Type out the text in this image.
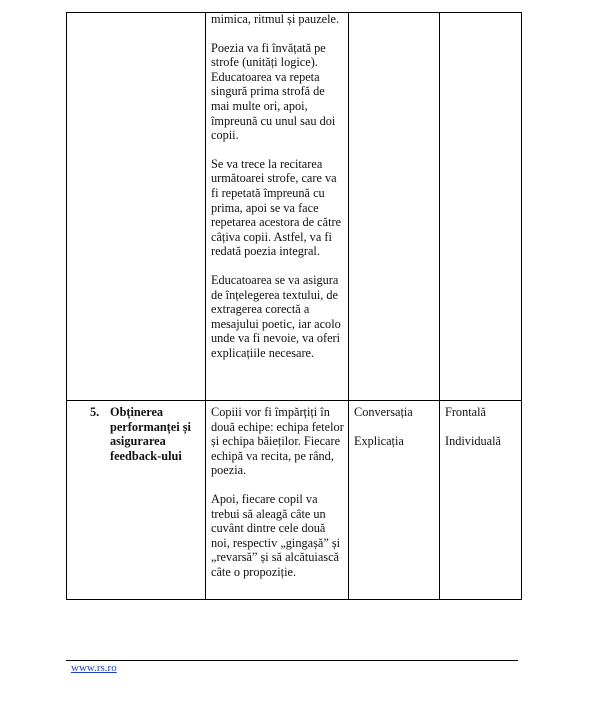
mimica, ritmul și pauzele.

Poezia va fi învățată pe strofe (unități logice). Educatoarea va repeta singură prima strofă de mai multe ori, apoi, împreună cu unul sau doi copii.

Se va trece la recitarea următoarei strofe, care va fi repetată împreună cu prima, apoi se va face repetarea acestora de către câțiva copii. Astfel, va fi redată poezia integral.

Educatoarea se va asigura de înțelegerea textului, de extragerea corectă a mesajului poetic, iar acolo unde va fi nevoie, va oferi explicațiile necesare.

5. Obținerea performanței și asigurarea feedback-ului

Copiii vor fi împărțiți în două echipe: echipa fetelor și echipa băieților. Fiecare echipă va recita, pe rând, poezia.

Apoi, fiecare copil va trebui să aleagă câte un cuvânt dintre cele două noi, respectiv „gingașă” și „revarsă” și să alcătuiască câte o propoziție.

Conversația

Explicația

Frontală

Individuală

www.rs.ro
